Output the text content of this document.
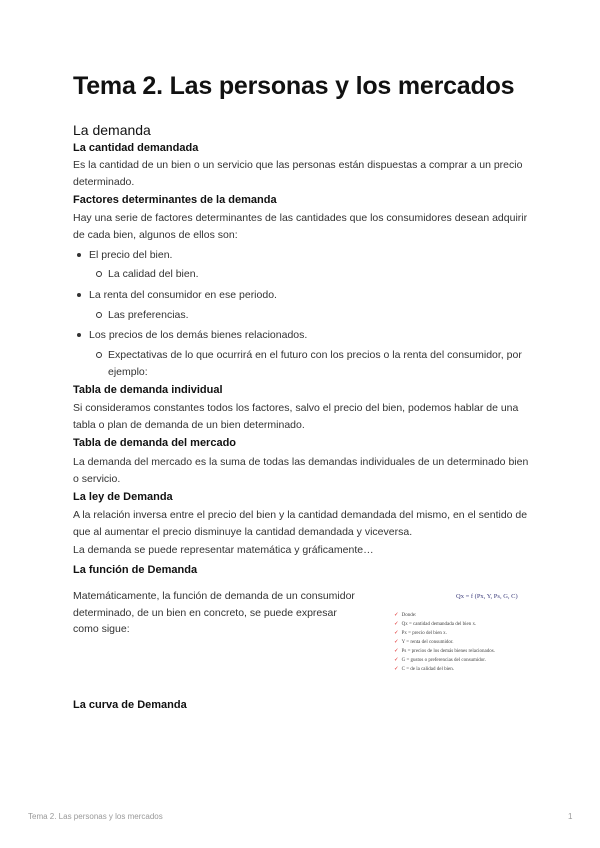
Tema 2. Las personas y los mercados
La demanda
La cantidad demandada
Es la cantidad de un bien o un servicio que las personas están dispuestas a comprar a un precio determinado.
Factores determinantes de la demanda
Hay una serie de factores determinantes de las cantidades que los consumidores desean adquirir de cada bien, algunos de ellos son:
El precio del bien.
La calidad del bien.
La renta del consumidor en ese periodo.
Las preferencias.
Los precios de los demás bienes relacionados.
Expectativas de lo que ocurrirá en el futuro con los precios o la renta del consumidor, por ejemplo:
Tabla de demanda individual
Si consideramos constantes todos los factores, salvo el precio del bien, podemos hablar de una tabla o plan de demanda de un bien determinado.
Tabla de demanda del mercado
La demanda del mercado es la suma de todas las demandas individuales de un determinado bien o servicio.
La ley de Demanda
A la relación inversa entre el precio del bien y la cantidad demandada del mismo, en el sentido de que al aumentar el precio disminuye la cantidad demandada y viceversa.
La demanda se puede representar matemática y gráficamente…
La función de Demanda
Matemáticamente, la función de demanda de un consumidor determinado, de un bien en concreto, se puede expresar como sigue:
Qx = f (Px, Y, Ps, G, C)
✓ Donde:
✓ Qx = cantidad demandada del bien x.
✓ Px = precio del bien x.
✓ Y = renta del consumidor.
✓ Ps = precios de los demás bienes relacionados.
✓ G = gustos o preferencias del consumidor.
✓ C = de la calidad del bien.
La curva de Demanda
Tema 2. Las personas y los mercados	1
